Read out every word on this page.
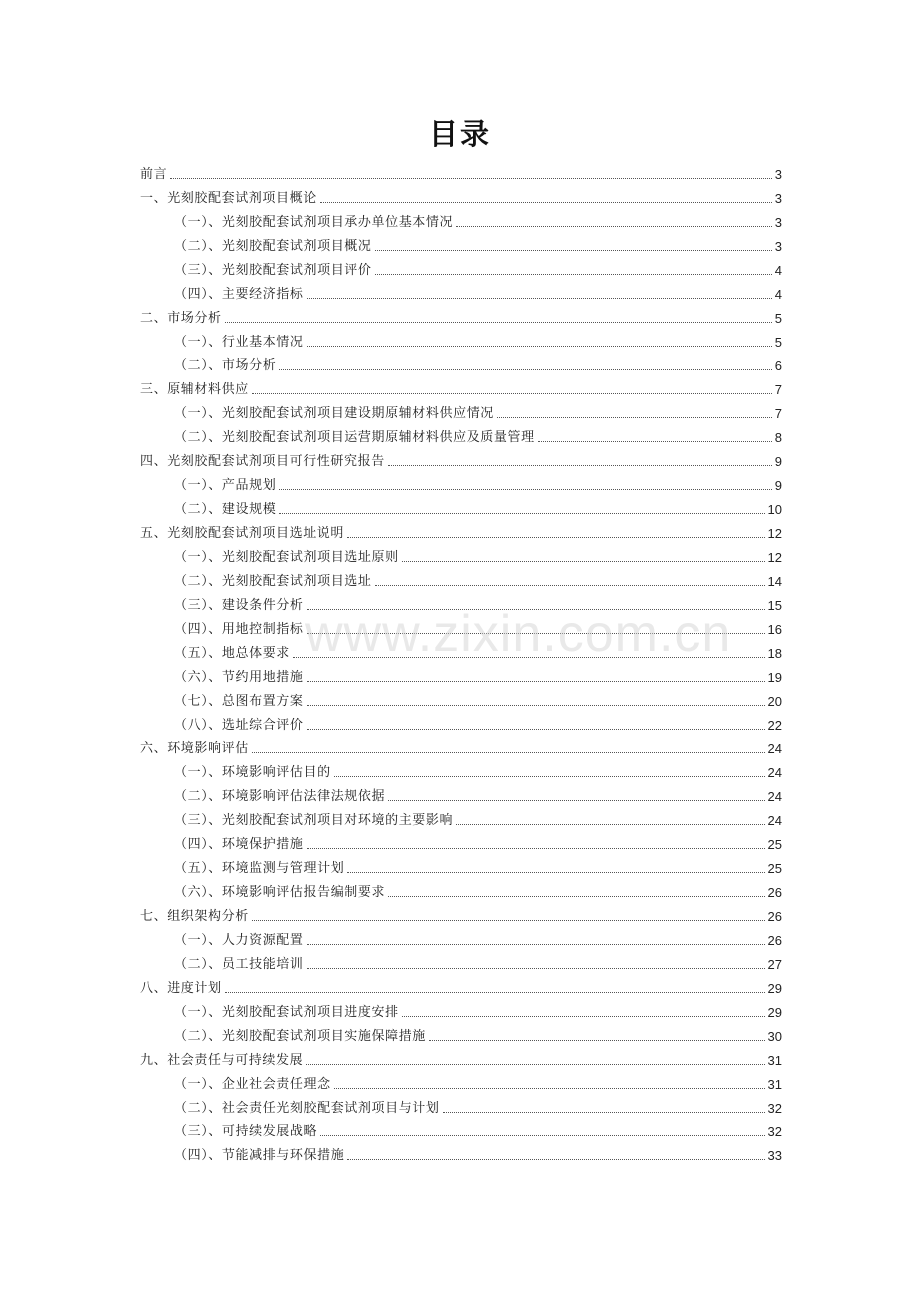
目录
前言	3
一、光刻胶配套试剂项目概论	3
（一）、光刻胶配套试剂项目承办单位基本情况	3
（二）、光刻胶配套试剂项目概况	3
（三）、光刻胶配套试剂项目评价	4
（四）、主要经济指标	4
二、市场分析	5
（一）、行业基本情况	5
（二）、市场分析	6
三、原辅材料供应	7
（一）、光刻胶配套试剂项目建设期原辅材料供应情况	7
（二）、光刻胶配套试剂项目运营期原辅材料供应及质量管理	8
四、光刻胶配套试剂项目可行性研究报告	9
（一）、产品规划	9
（二）、建设规模	10
五、光刻胶配套试剂项目选址说明	12
（一）、光刻胶配套试剂项目选址原则	12
（二）、光刻胶配套试剂项目选址	14
（三）、建设条件分析	15
（四）、用地控制指标	16
（五）、地总体要求	18
（六）、节约用地措施	19
（七）、总图布置方案	20
（八）、选址综合评价	22
六、环境影响评估	24
（一）、环境影响评估目的	24
（二）、环境影响评估法律法规依据	24
（三）、光刻胶配套试剂项目对环境的主要影响	24
（四）、环境保护措施	25
（五）、环境监测与管理计划	25
（六）、环境影响评估报告编制要求	26
七、组织架构分析	26
（一）、人力资源配置	26
（二）、员工技能培训	27
八、进度计划	29
（一）、光刻胶配套试剂项目进度安排	29
（二）、光刻胶配套试剂项目实施保障措施	30
九、社会责任与可持续发展	31
（一）、企业社会责任理念	31
（二）、社会责任光刻胶配套试剂项目与计划	32
（三）、可持续发展战略	32
（四）、节能减排与环保措施	33
www.zixin.com.cn
